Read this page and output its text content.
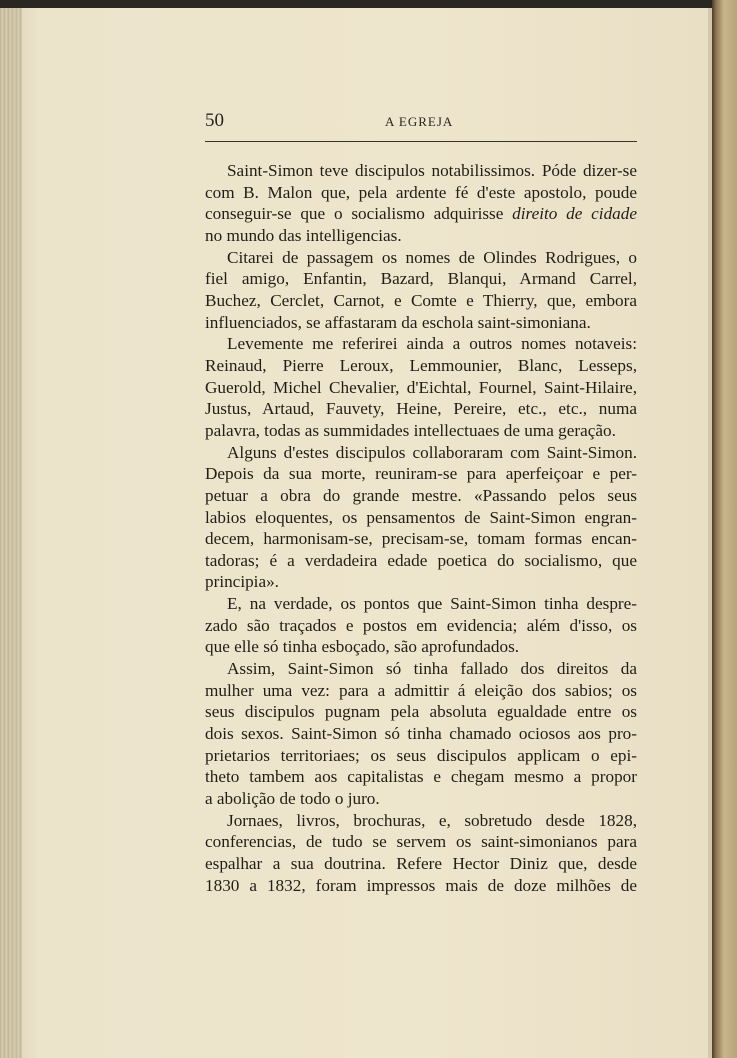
50	A EGREJA

Saint-Simon teve discipulos notabilissimos. Póde dizer-se

com B. Malon que, pela ardente fé d'este apostolo, poude

conseguir-se que o socialismo adquirisse direito de cidade

no mundo das intelligencias.

Citarei de passagem os nomes de Olindes Rodrigues, o

fiel amigo, Enfantin, Bazard, Blanqui, Armand Carrel,

Buchez, Cerclet, Carnot, e Comte e Thierry, que, embora

influenciados, se affastaram da eschola saint-simoniana.

Levemente me referirei ainda a outros nomes notaveis:

Reinaud, Pierre Leroux, Lemmounier, Blanc, Lesseps,

Guerold, Michel Chevalier, d'Eichtal, Fournel, Saint-Hilaire,

Justus, Artaud, Fauvety, Heine, Pereire, etc., etc., numa

palavra, todas as summidades intellectuaes de uma geração.

Alguns d'estes discipulos collaboraram com Saint-Simon.

Depois da sua morte, reuniram-se para aperfeiçoar e per-

petuar a obra do grande mestre. «Passando pelos seus

labios eloquentes, os pensamentos de Saint-Simon engran-

decem, harmonisam-se, precisam-se, tomam formas encan-

tadoras; é a verdadeira edade poetica do socialismo, que

principia».

E, na verdade, os pontos que Saint-Simon tinha despre-

zado são traçados e postos em evidencia; além d'isso, os

que elle só tinha esboçado, são aprofundados.

Assim, Saint-Simon só tinha fallado dos direitos da

mulher uma vez: para a admittir á eleição dos sabios; os

seus discipulos pugnam pela absoluta egualdade entre os

dois sexos. Saint-Simon só tinha chamado ociosos aos pro-

prietarios territoriaes; os seus discipulos applicam o epi-

theto tambem aos capitalistas e chegam mesmo a propor

a abolição de todo o juro.

Jornaes, livros, brochuras, e, sobretudo desde 1828,

conferencias, de tudo se servem os saint-simonianos para

espalhar a sua doutrina. Refere Hector Diniz que, desde

1830 a 1832, foram impressos mais de doze milhões de
